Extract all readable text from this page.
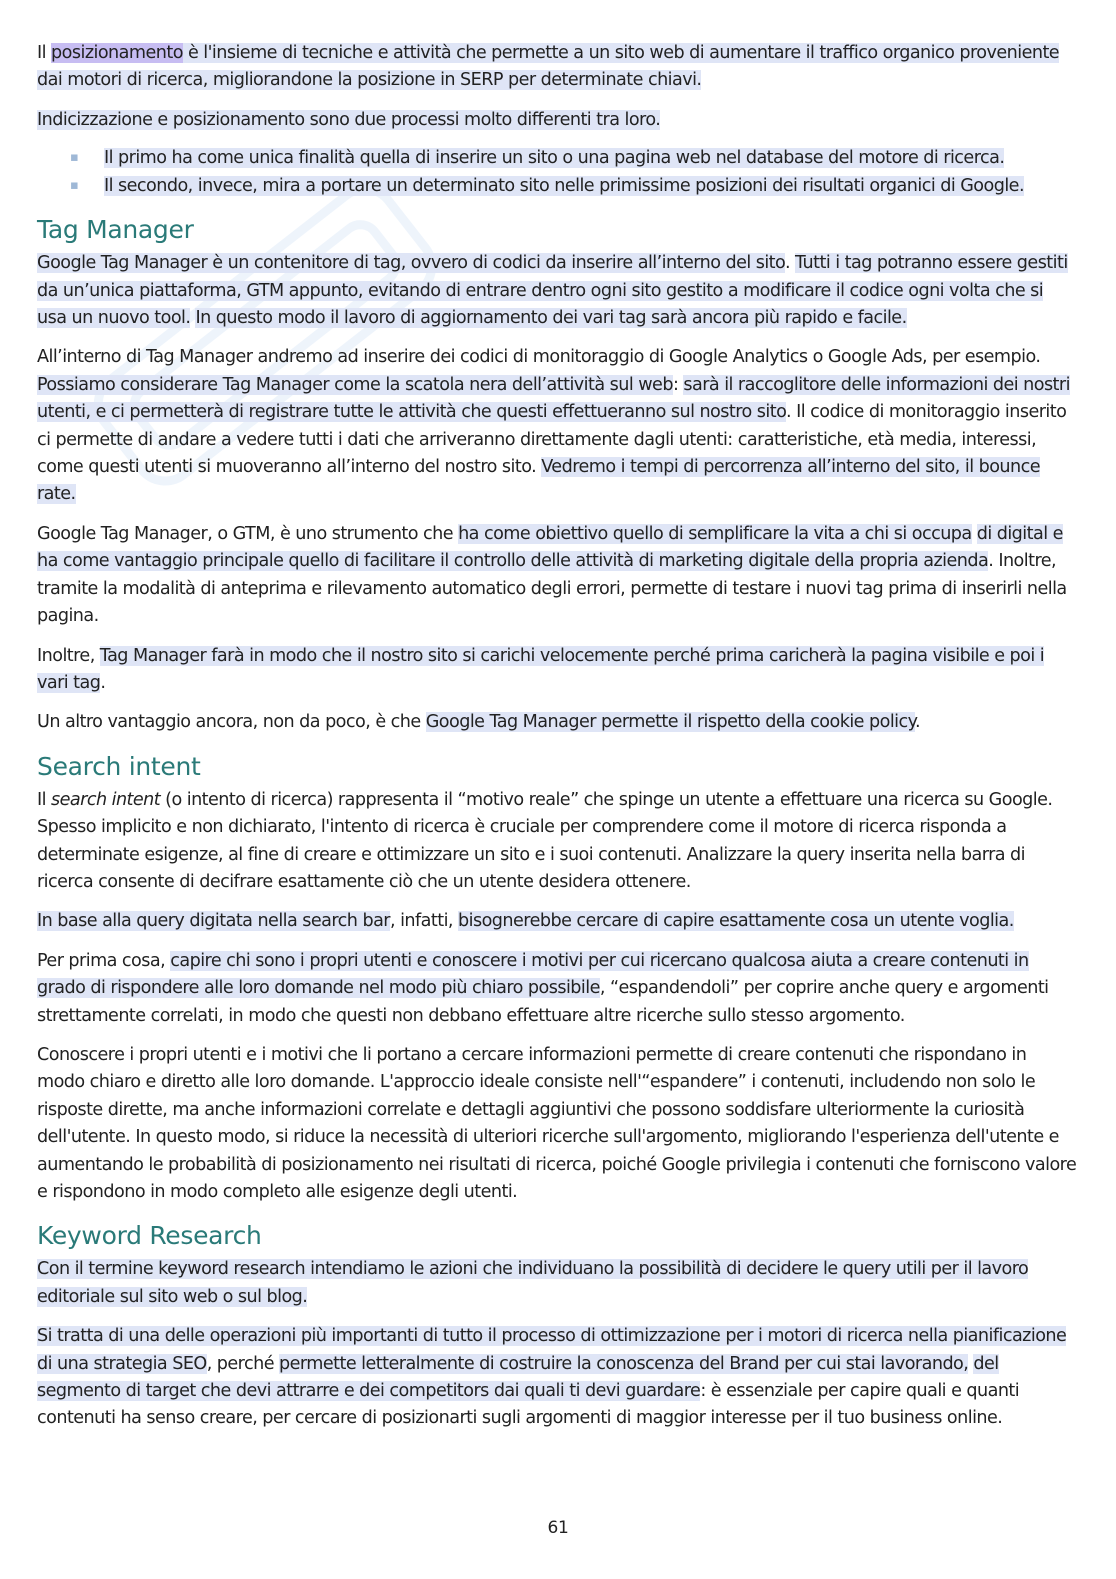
Il posizionamento è l'insieme di tecniche e attività che permette a un sito web di aumentare il traffico organico proveniente dai motori di ricerca, migliorandone la posizione in SERP per determinate chiavi.

Indicizzazione e posizionamento sono due processi molto differenti tra loro.

▪ Il primo ha come unica finalità quella di inserire un sito o una pagina web nel database del motore di ricerca.
▪ Il secondo, invece, mira a portare un determinato sito nelle primissime posizioni dei risultati organici di Google.
Tag Manager

Google Tag Manager è un contenitore di tag, ovvero di codici da inserire all’interno del sito. Tutti i tag potranno essere gestiti da un’unica piattaforma, GTM appunto, evitando di entrare dentro ogni sito gestito a modificare il codice ogni volta che si usa un nuovo tool. In questo modo il lavoro di aggiornamento dei vari tag sarà ancora più rapido e facile.

All’interno di Tag Manager andremo ad inserire dei codici di monitoraggio di Google Analytics o Google Ads, per esempio. Possiamo considerare Tag Manager come la scatola nera dell’attività sul web: sarà il raccoglitore delle informazioni dei nostri utenti, e ci permetterà di registrare tutte le attività che questi effettueranno sul nostro sito. Il codice di monitoraggio inserito ci permette di andare a vedere tutti i dati che arriveranno direttamente dagli utenti: caratteristiche, età media, interessi, come questi utenti si muoveranno all’interno del nostro sito. Vedremo i tempi di percorrenza all’interno del sito, il bounce rate.

Google Tag Manager, o GTM, è uno strumento che ha come obiettivo quello di semplificare la vita a chi si occupa di digital e ha come vantaggio principale quello di facilitare il controllo delle attività di marketing digitale della propria azienda. Inoltre, tramite la modalità di anteprima e rilevamento automatico degli errori, permette di testare i nuovi tag prima di inserirli nella pagina.

Inoltre, Tag Manager farà in modo che il nostro sito si carichi velocemente perché prima caricherà la pagina visibile e poi i vari tag.

Un altro vantaggio ancora, non da poco, è che Google Tag Manager permette il rispetto della cookie policy.

Search intent

Il search intent (o intento di ricerca) rappresenta il “motivo reale” che spinge un utente a effettuare una ricerca su Google. Spesso implicito e non dichiarato, l'intento di ricerca è cruciale per comprendere come il motore di ricerca risponda a determinate esigenze, al fine di creare e ottimizzare un sito e i suoi contenuti. Analizzare la query inserita nella barra di ricerca consente di decifrare esattamente ciò che un utente desidera ottenere.

In base alla query digitata nella search bar, infatti, bisognerebbe cercare di capire esattamente cosa un utente voglia.

Per prima cosa, capire chi sono i propri utenti e conoscere i motivi per cui ricercano qualcosa aiuta a creare contenuti in grado di rispondere alle loro domande nel modo più chiaro possibile, “espandendoli” per coprire anche query e argomenti strettamente correlati, in modo che questi non debbano effettuare altre ricerche sullo stesso argomento.

Conoscere i propri utenti e i motivi che li portano a cercare informazioni permette di creare contenuti che rispondano in modo chiaro e diretto alle loro domande. L'approccio ideale consiste nell'“espandere” i contenuti, includendo non solo le risposte dirette, ma anche informazioni correlate e dettagli aggiuntivi che possono soddisfare ulteriormente la curiosità dell'utente. In questo modo, si riduce la necessità di ulteriori ricerche sull'argomento, migliorando l'esperienza dell'utente e aumentando le probabilità di posizionamento nei risultati di ricerca, poiché Google privilegia i contenuti che forniscono valore e rispondono in modo completo alle esigenze degli utenti.

Keyword Research

Con il termine keyword research intendiamo le azioni che individuano la possibilità di decidere le query utili per il lavoro editoriale sul sito web o sul blog.

Si tratta di una delle operazioni più importanti di tutto il processo di ottimizzazione per i motori di ricerca nella pianificazione di una strategia SEO, perché permette letteralmente di costruire la conoscenza del Brand per cui stai lavorando, del segmento di target che devi attrarre e dei competitors dai quali ti devi guardare: è essenziale per capire quali e quanti contenuti ha senso creare, per cercare di posizionarti sugli argomenti di maggior interesse per il tuo business online.

61
